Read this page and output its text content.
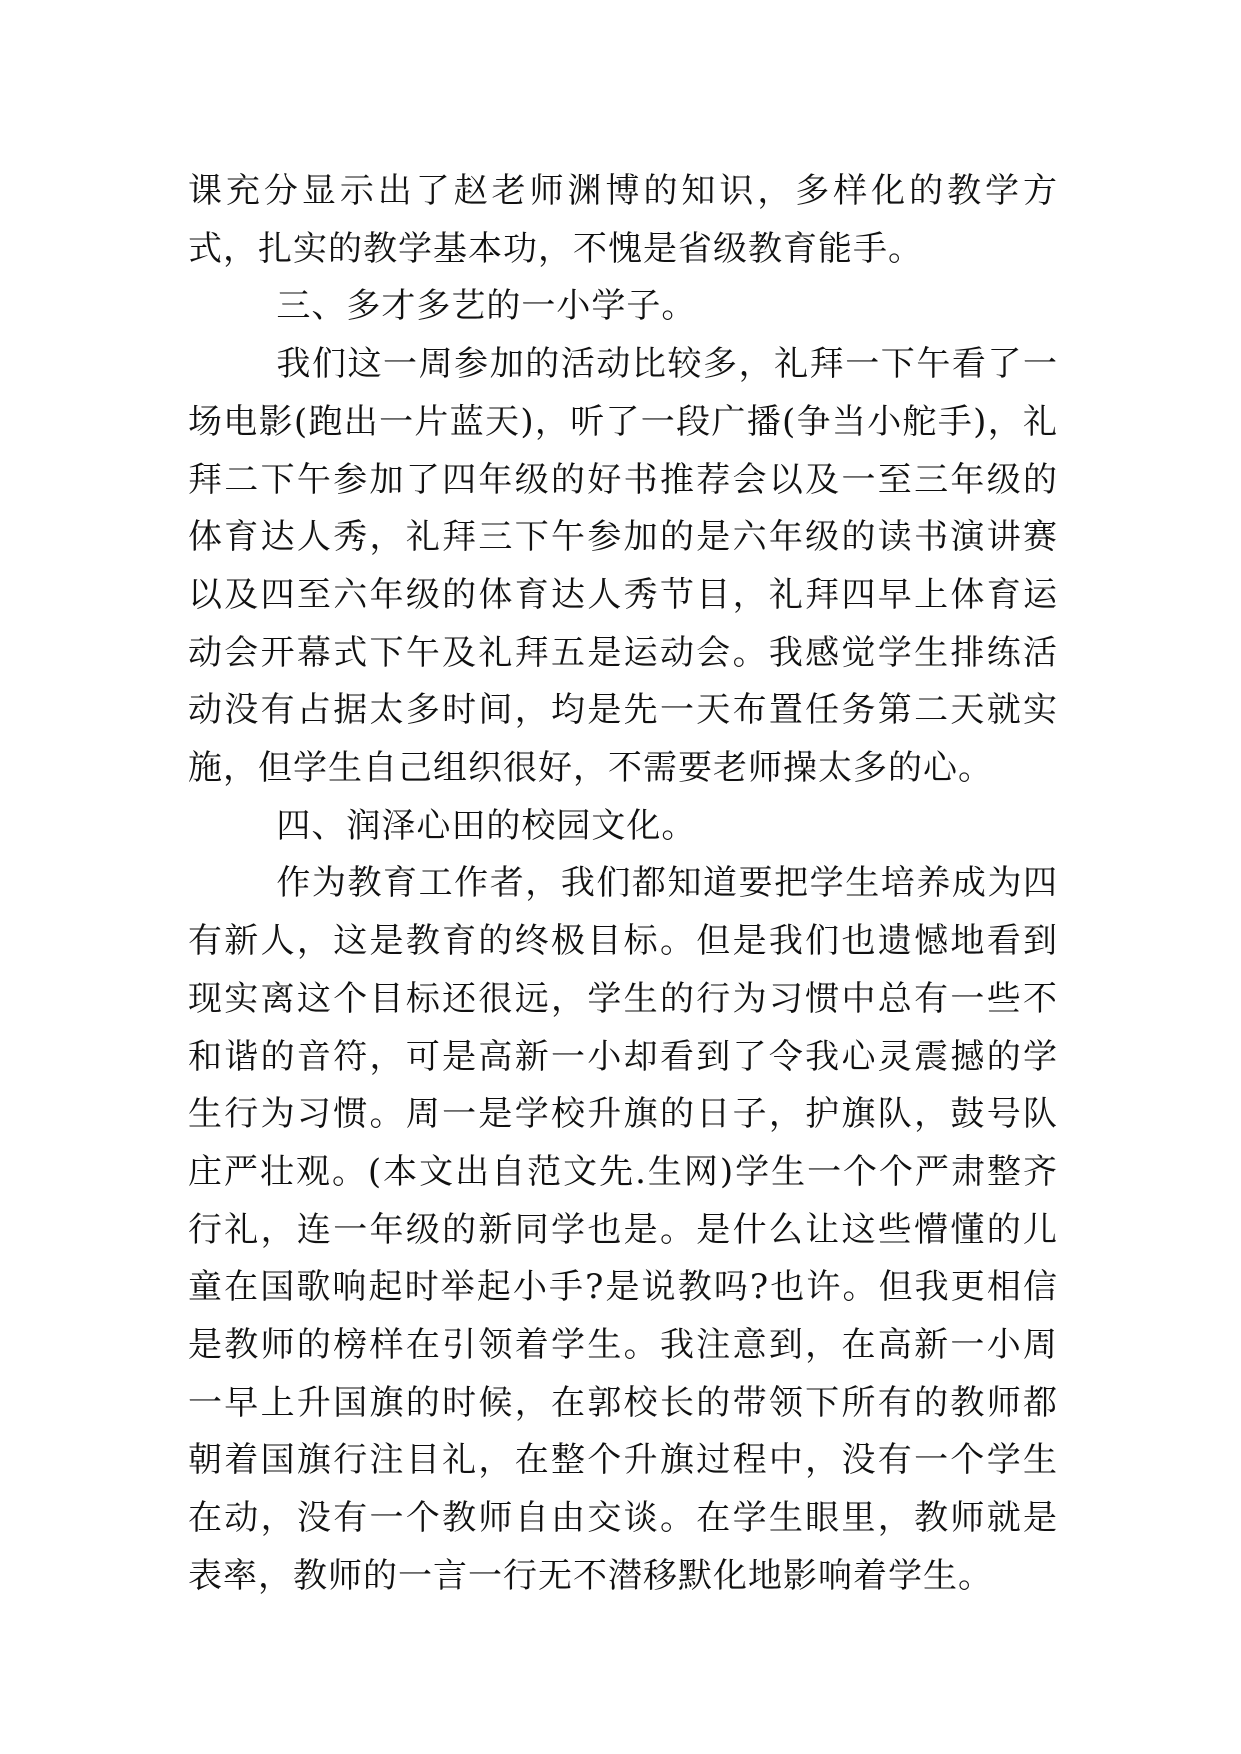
课充分显示出了赵老师渊博的知识，多样化的教学方式，扎实的教学基本功，不愧是省级教育能手。

三、多才多艺的一小学子。

我们这一周参加的活动比较多，礼拜一下午看了一场电影(跑出一片蓝天)，听了一段广播(争当小舵手)，礼拜二下午参加了四年级的好书推荐会以及一至三年级的体育达人秀，礼拜三下午参加的是六年级的读书演讲赛以及四至六年级的体育达人秀节目，礼拜四早上体育运动会开幕式下午及礼拜五是运动会。我感觉学生排练活动没有占据太多时间，均是先一天布置任务第二天就实施，但学生自己组织很好，不需要老师操太多的心。

四、润泽心田的校园文化。

作为教育工作者，我们都知道要把学生培养成为四有新人，这是教育的终极目标。但是我们也遗憾地看到现实离这个目标还很远，学生的行为习惯中总有一些不和谐的音符，可是高新一小却看到了令我心灵震撼的学生行为习惯。周一是学校升旗的日子，护旗队，鼓号队庄严壮观。(本文出自范文先.生网)学生一个个严肃整齐行礼，连一年级的新同学也是。是什么让这些懵懂的儿童在国歌响起时举起小手?是说教吗?也许。但我更相信是教师的榜样在引领着学生。我注意到，在高新一小周一早上升国旗的时候，在郭校长的带领下所有的教师都朝着国旗行注目礼，在整个升旗过程中，没有一个学生在动，没有一个教师自由交谈。在学生眼里，教师就是表率，教师的一言一行无不潜移默化地影响着学生。
